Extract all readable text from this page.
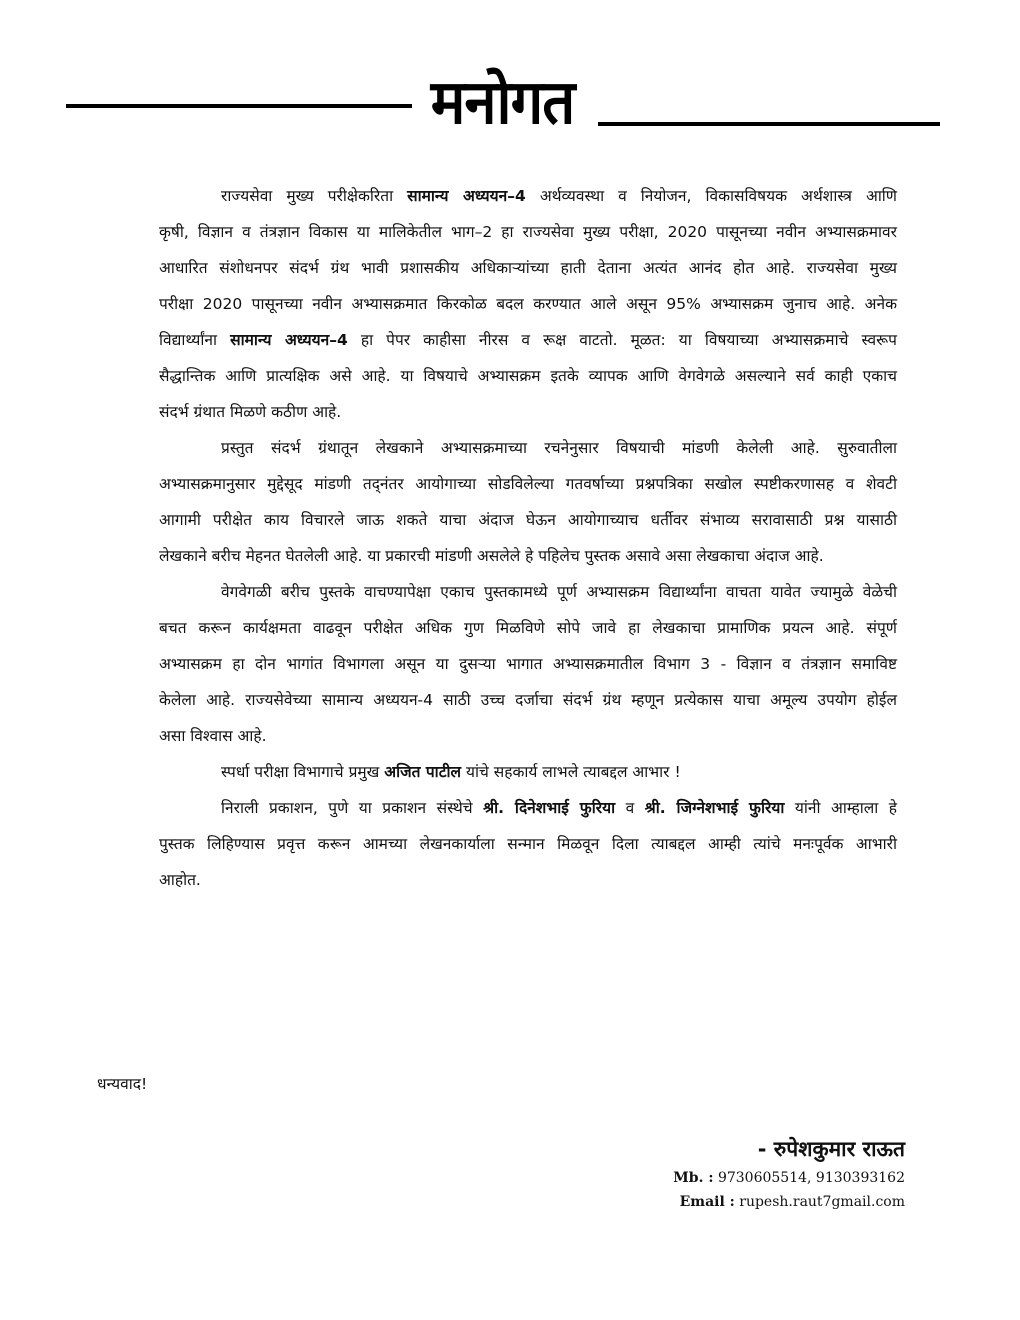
मनोगत
राज्यसेवा मुख्य परीक्षेकरिता सामान्य अध्ययन–4 अर्थव्यवस्था व नियोजन, विकासविषयक अर्थशास्त्र आणि
कृषी, विज्ञान व तंत्रज्ञान विकास या मालिकेतील भाग–2 हा राज्यसेवा मुख्य परीक्षा, 2020 पासूनच्या नवीन अभ्यासक्रमावर
आधारित संशोधनपर संदर्भ ग्रंथ भावी प्रशासकीय अधिकाऱ्यांच्या हाती देताना अत्यंत आनंद होत आहे. राज्यसेवा मुख्य
परीक्षा 2020 पासूनच्या नवीन अभ्यासक्रमात किरकोळ बदल करण्यात आले असून 95% अभ्यासक्रम जुनाच आहे. अनेक
विद्यार्थ्यांना सामान्य अध्ययन–4 हा पेपर काहीसा नीरस व रूक्ष वाटतो. मूळत: या विषयाच्या अभ्यासक्रमाचे स्वरूप
सैद्धान्तिक आणि प्रात्यक्षिक असे आहे. या विषयाचे अभ्यासक्रम इतके व्यापक आणि वेगवेगळे असल्याने सर्व काही एकाच
संदर्भ ग्रंथात मिळणे कठीण आहे.
प्रस्तुत संदर्भ ग्रंथातून लेखकाने अभ्यासक्रमाच्या रचनेनुसार विषयाची मांडणी केलेली आहे. सुरुवातीला
अभ्यासक्रमानुसार मुद्देसूद मांडणी तद्नंतर आयोगाच्या सोडविलेल्या गतवर्षाच्या प्रश्नपत्रिका सखोल स्पष्टीकरणासह व शेवटी
आगामी परीक्षेत काय विचारले जाऊ शकते याचा अंदाज घेऊन आयोगाच्याच धर्तीवर संभाव्य सरावासाठी प्रश्न यासाठी
लेखकाने बरीच मेहनत घेतलेली आहे. या प्रकारची मांडणी असलेले हे पहिलेच पुस्तक असावे असा लेखकाचा अंदाज आहे.
वेगवेगळी बरीच पुस्तके वाचण्यापेक्षा एकाच पुस्तकामध्ये पूर्ण अभ्यासक्रम विद्यार्थ्यांना वाचता यावेत ज्यामुळे वेळेची
बचत करून कार्यक्षमता वाढवून परीक्षेत अधिक गुण मिळविणे सोपे जावे हा लेखकाचा प्रामाणिक प्रयत्न आहे. संपूर्ण
अभ्यासक्रम हा दोन भागांत विभागला असून या दुसऱ्या भागात अभ्यासक्रमातील विभाग 3 - विज्ञान व तंत्रज्ञान समाविष्ट
केलेला आहे. राज्यसेवेच्या सामान्य अध्ययन-4 साठी उच्च दर्जाचा संदर्भ ग्रंथ म्हणून प्रत्येकास याचा अमूल्य उपयोग होईल
असा विश्वास आहे.
स्पर्धा परीक्षा विभागाचे प्रमुख अजित पाटील यांचे सहकार्य लाभले त्याबद्दल आभार !
निराली प्रकाशन, पुणे या प्रकाशन संस्थेचे श्री. दिनेशभाई फुरिया व श्री. जिग्नेशभाई फुरिया यांनी आम्हाला हे
पुस्तक लिहिण्यास प्रवृत्त करून आमच्या लेखनकार्याला सन्मान मिळवून दिला त्याबद्दल आम्ही त्यांचे मनःपूर्वक आभारी
आहोत.
धन्यवाद!
- रुपेशकुमार राऊत
Mb. : 9730605514, 9130393162
Email : rupesh.raut7gmail.com
